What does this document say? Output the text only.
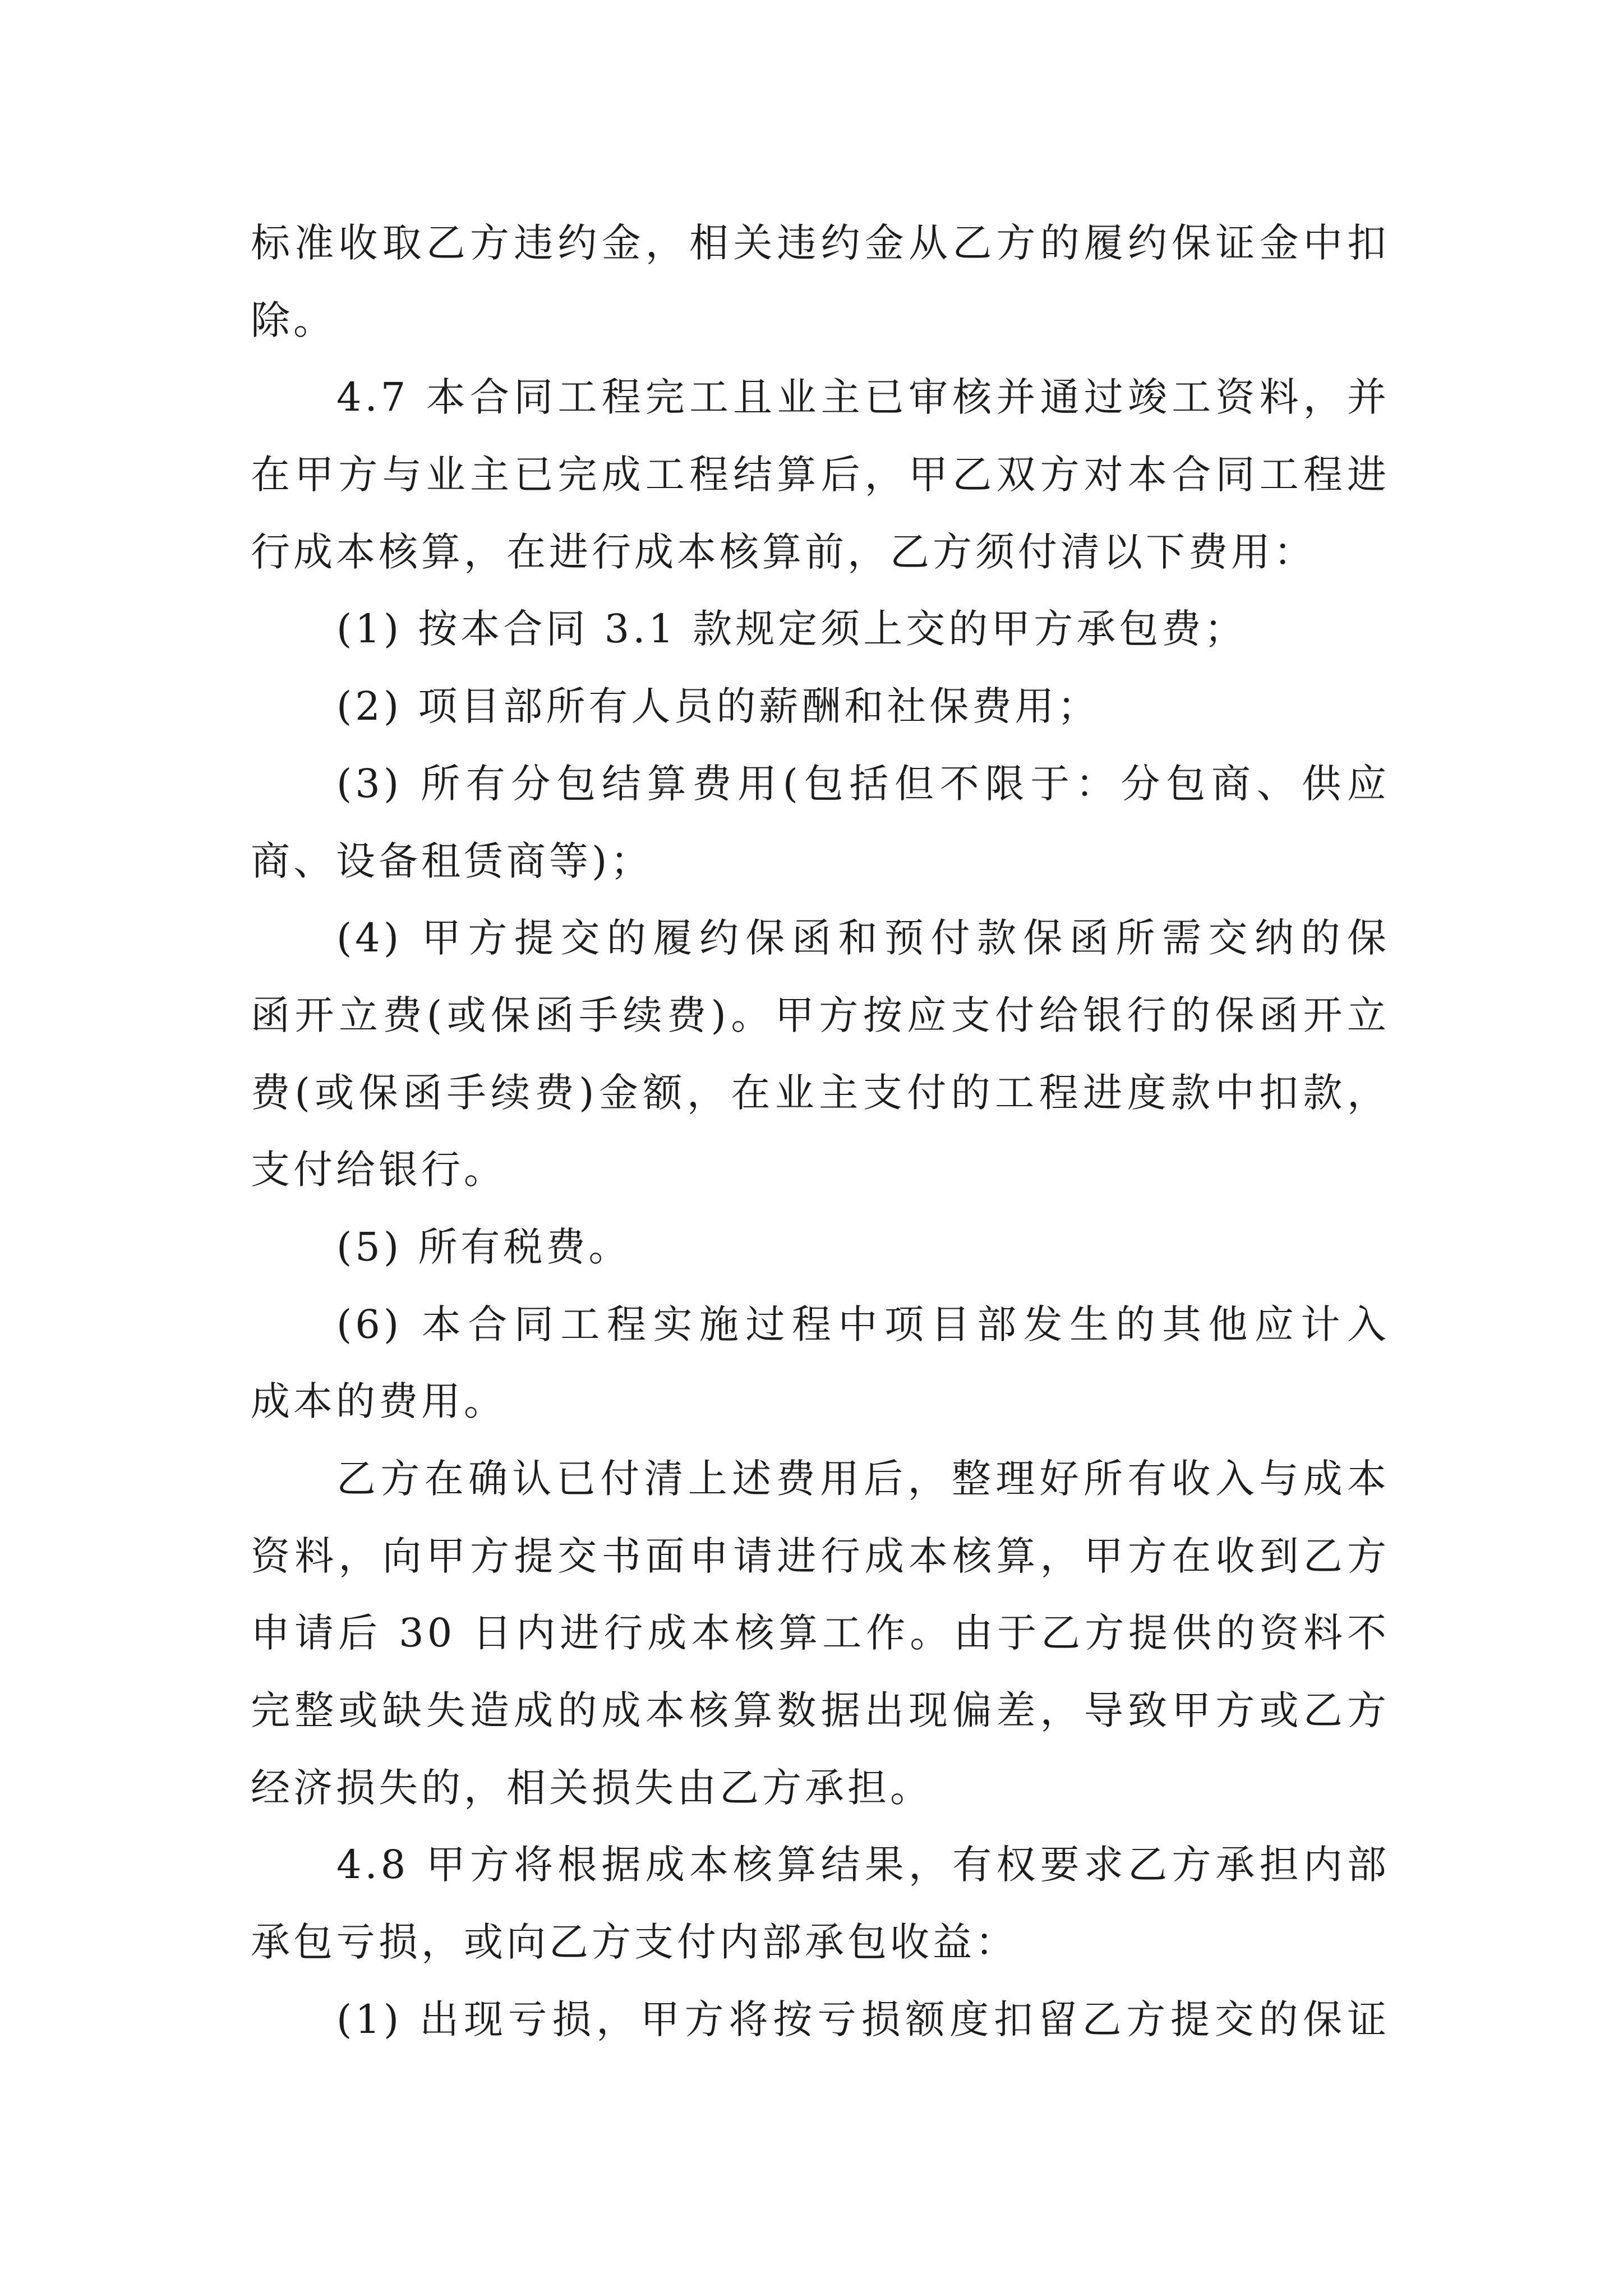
标准收取乙方违约金，相关违约金从乙方的履约保证金中扣
除。
4.7 本合同工程完工且业主已审核并通过竣工资料，并
在甲方与业主已完成工程结算后，甲乙双方对本合同工程进
行成本核算，在进行成本核算前，乙方须付清以下费用：
(1) 按本合同 3.1 款规定须上交的甲方承包费；
(2) 项目部所有人员的薪酬和社保费用；
(3) 所有分包结算费用(包括但不限于：分包商、供应
商、设备租赁商等)；
(4) 甲方提交的履约保函和预付款保函所需交纳的保
函开立费(或保函手续费)。甲方按应支付给银行的保函开立
费(或保函手续费)金额，在业主支付的工程进度款中扣款，
支付给银行。
(5) 所有税费。
(6) 本合同工程实施过程中项目部发生的其他应计入
成本的费用。
乙方在确认已付清上述费用后，整理好所有收入与成本
资料，向甲方提交书面申请进行成本核算，甲方在收到乙方
申请后 30 日内进行成本核算工作。由于乙方提供的资料不
完整或缺失造成的成本核算数据出现偏差，导致甲方或乙方
经济损失的，相关损失由乙方承担。
4.8 甲方将根据成本核算结果，有权要求乙方承担内部
承包亏损，或向乙方支付内部承包收益：
(1) 出现亏损，甲方将按亏损额度扣留乙方提交的保证
